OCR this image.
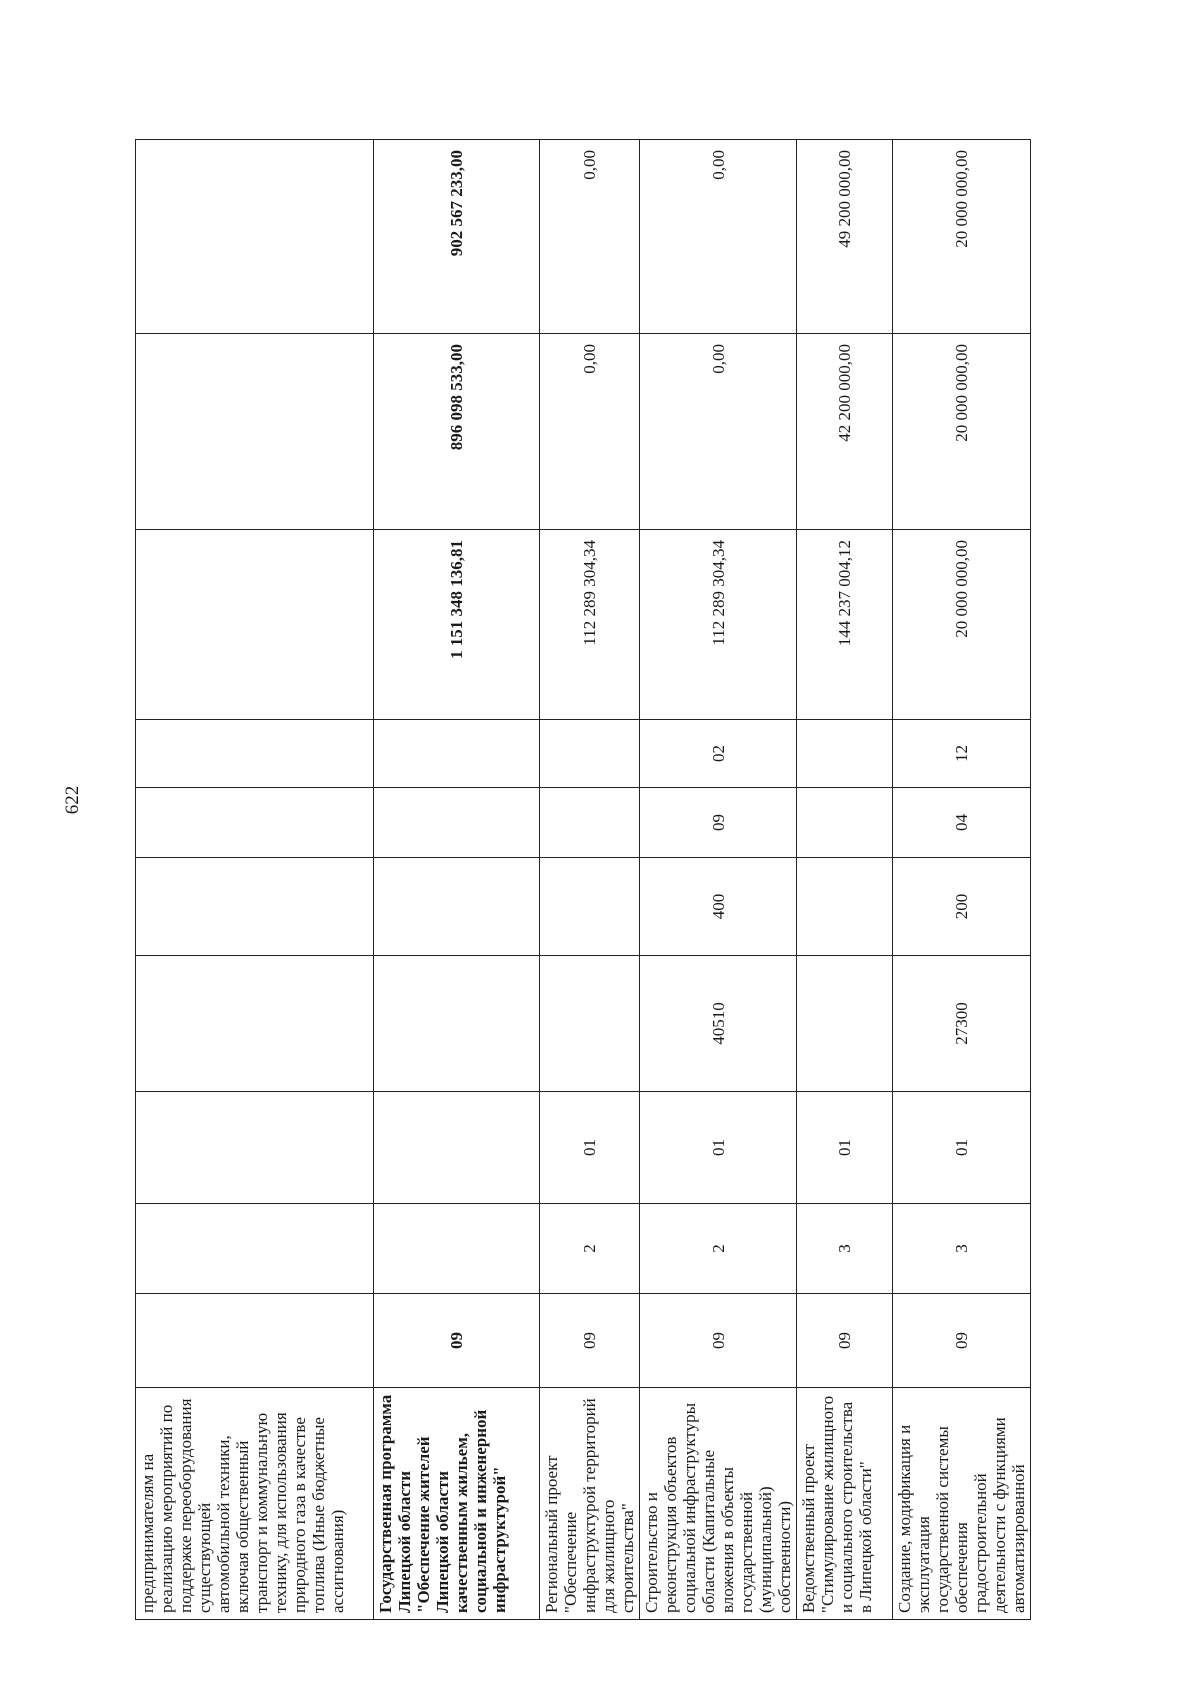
622
предпринимателям на реализацию мероприятий по поддержке переоборудования существующей автомобильной техники, включая общественный транспорт и коммунальную технику, для использования природного газа в качестве топлива (Иные бюджетные ассигнования)										
Государственная программа Липецкой области "Обеспечение жителей Липецкой области качественным жильем, социальной и инженерной инфраструктурой"	09							1 151 348 136,81	896 098 533,00	902 567 233,00
Региональный проект "Обеспечение инфраструктурой территорий для жилищного строительства"	09	2	01					112 289 304,34	0,00	0,00
Строительство и реконструкция объектов социальной инфраструктуры области (Капитальные вложения в объекты государственной (муниципальной) собственности)	09	2	01	40510	400	09	02	112 289 304,34	0,00	0,00
Ведомственный проект "Стимулирование жилищного и социального строительства в Липецкой области"	09	3	01					144 237 004,12	42 200 000,00	49 200 000,00
Создание, модификация и эксплуатация государственной системы обеспечения градостроительной деятельности с функциями автоматизированной	09	3	01	27300	200	04	12	20 000 000,00	20 000 000,00	20 000 000,00
